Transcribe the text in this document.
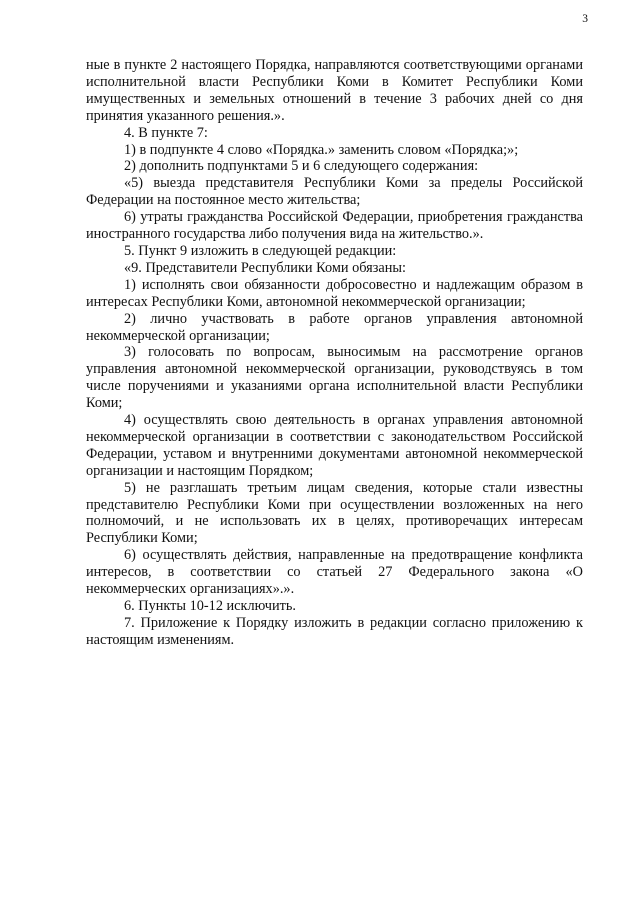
3

ные в пункте 2 настоящего Порядка, направляются соответствующими органами исполнительной власти Республики Коми в Комитет Республики Коми имущественных и земельных отношений в течение 3 рабочих дней со дня принятия указанного решения.».

4. В пункте 7:

1) в подпункте 4 слово «Порядка.» заменить словом «Порядка;»;

2) дополнить подпунктами 5 и 6 следующего содержания:

«5) выезда представителя Республики Коми за пределы Российской Федерации на постоянное место жительства;

6) утраты гражданства Российской Федерации, приобретения гражданства иностранного государства либо получения вида на жительство.».

5. Пункт 9 изложить в следующей редакции:

«9. Представители Республики Коми обязаны:

1) исполнять свои обязанности добросовестно и надлежащим образом в интересах Республики Коми, автономной некоммерческой организации;

2) лично участвовать в работе органов управления автономной некоммерческой организации;

3) голосовать по вопросам, выносимым на рассмотрение органов управления автономной некоммерческой организации, руководствуясь в том числе поручениями и указаниями органа исполнительной власти Республики Коми;

4) осуществлять свою деятельность в органах управления автономной некоммерческой организации в соответствии с законодательством Российской Федерации, уставом и внутренними документами автономной некоммерческой организации и настоящим Порядком;

5) не разглашать третьим лицам сведения, которые стали известны представителю Республики Коми при осуществлении возложенных на него полномочий, и не использовать их в целях, противоречащих интересам Республики Коми;

6) осуществлять действия, направленные на предотвращение конфликта интересов, в соответствии со статьей 27 Федерального закона «О некоммерческих организациях».».

6. Пункты 10-12 исключить.

7. Приложение к Порядку изложить в редакции согласно приложению к настоящим изменениям.
